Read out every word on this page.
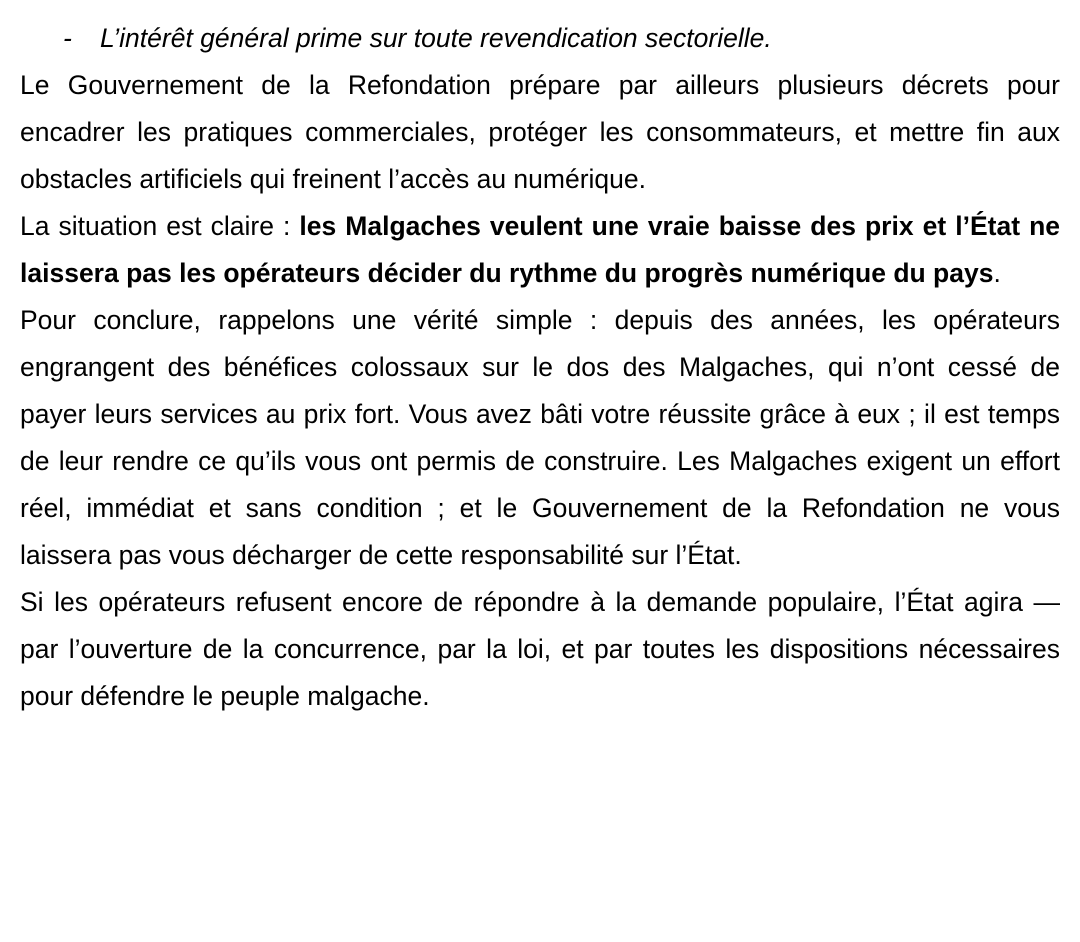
- L’intérêt général prime sur toute revendication sectorielle.

Le Gouvernement de la Refondation prépare par ailleurs plusieurs décrets pour encadrer les pratiques commerciales, protéger les consommateurs, et mettre fin aux obstacles artificiels qui freinent l’accès au numérique.

La situation est claire : les Malgaches veulent une vraie baisse des prix et l’État ne laissera pas les opérateurs décider du rythme du progrès numérique du pays.

Pour conclure, rappelons une vérité simple : depuis des années, les opérateurs engrangent des bénéfices colossaux sur le dos des Malgaches, qui n’ont cessé de payer leurs services au prix fort. Vous avez bâti votre réussite grâce à eux ; il est temps de leur rendre ce qu’ils vous ont permis de construire. Les Malgaches exigent un effort réel, immédiat et sans condition ; et le Gouvernement de la Refondation ne vous laissera pas vous décharger de cette responsabilité sur l’État.

Si les opérateurs refusent encore de répondre à la demande populaire, l’État agira — par l’ouverture de la concurrence, par la loi, et par toutes les dispositions nécessaires pour défendre le peuple malgache.
